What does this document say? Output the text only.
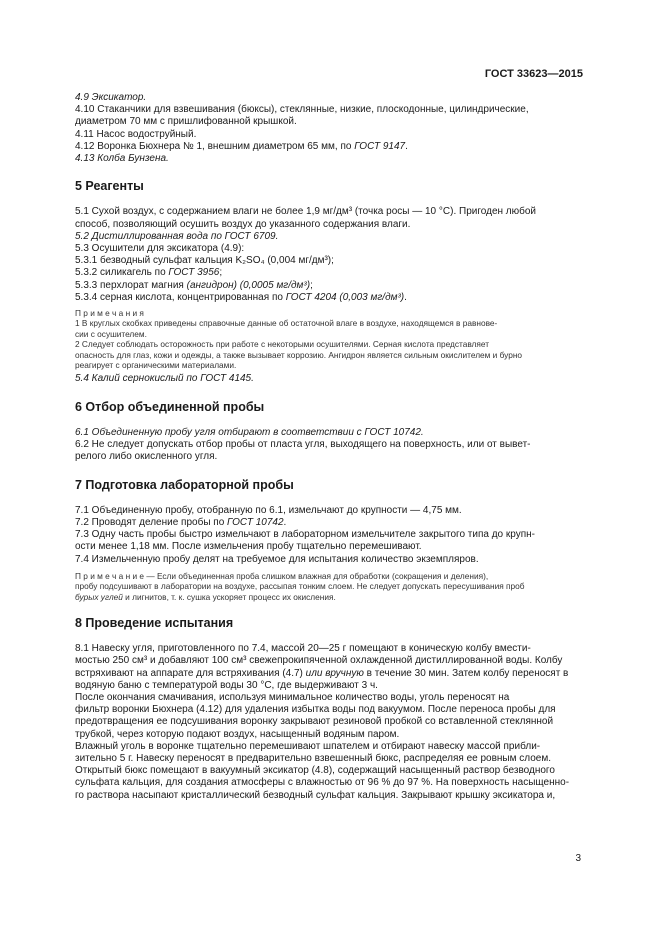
ГОСТ 33623—2015

4.9 Эксикатор.

4.10 Стаканчики для взвешивания (бюксы), стеклянные, низкие, плоскодонные, цилиндрические,

диаметром 70 мм с пришлифованной крышкой.

4.11 Насос водоструйный.

4.12 Воронка Бюхнера № 1, внешним диаметром 65 мм, по ГОСТ 9147.

4.13 Колба Бунзена.

5 Реагенты

5.1 Сухой воздух, с содержанием влаги не более 1,9 мг/дм³ (точка росы — 10 °С). Пригоден любой

способ, позволяющий осушить воздух до указанного содержания влаги.

5.2 Дистиллированная вода по ГОСТ 6709.

5.3 Осушители для эксикатора (4.9):

5.3.1 безводный сульфат кальция K₂SO₄ (0,004 мг/дм³);

5.3.2 силикагель по ГОСТ 3956;

5.3.3 перхлорат магния (ангидрон) (0,0005 мг/дм³);

5.3.4 серная кислота, концентрированная по ГОСТ 4204 (0,003 мг/дм³).

П р и м е ч а н и я

1 В круглых скобках приведены справочные данные об остаточной влаге в воздухе, находящемся в равнове-

сии с осушителем.

2 Следует соблюдать осторожность при работе с некоторыми осушителями. Серная кислота представляет

опасность для глаз, кожи и одежды, а также вызывает коррозию. Ангидрон является сильным окислителем и бурно

реагирует с органическими материалами.

5.4 Калий сернокислый по ГОСТ 4145.

6 Отбор объединенной пробы

6.1 Объединенную пробу угля отбирают в соответствии с ГОСТ 10742.

6.2 Не следует допускать отбор пробы от пласта угля, выходящего на поверхность, или от вывет-

релого либо окисленного угля.

7 Подготовка лабораторной пробы

7.1 Объединенную пробу, отобранную по 6.1, измельчают до крупности — 4,75 мм.

7.2 Проводят деление пробы по ГОСТ 10742.

7.3 Одну часть пробы быстро измельчают в лабораторном измельчителе закрытого типа до крупн-

ости менее 1,18 мм. После измельчения пробу тщательно перемешивают.

7.4 Измельченную пробу делят на требуемое для испытания количество экземпляров.

П р и м е ч а н и е — Если объединенная проба слишком влажная для обработки (сокращения и деления),

пробу подсушивают в лаборатории на воздухе, рассыпая тонким слоем. Не следует допускать пересушивания проб

бурых углей и лигнитов, т. к. сушка ускоряет процесс их окисления.

8 Проведение испытания

8.1 Навеску угля, приготовленного по 7.4, массой 20—25 г помещают в коническую колбу вмести-

мостью 250 см³ и добавляют 100 см³ свежепрокипяченной охлажденной дистиллированной воды. Колбу

встряхивают на аппарате для встряхивания (4.7) или вручную в течение 30 мин. Затем колбу переносят в

водяную баню с температурой воды 30 °С, где выдерживают 3 ч.

После окончания смачивания, используя минимальное количество воды, уголь переносят на

фильтр воронки Бюхнера (4.12) для удаления избытка воды под вакуумом. После переноса пробы для

предотвращения ее подсушивания воронку закрывают резиновой пробкой со вставленной стеклянной

трубкой, через которую подают воздух, насыщенный водяным паром.

Влажный уголь в воронке тщательно перемешивают шпателем и отбирают навеску массой прибли-

зительно 5 г. Навеску переносят в предварительно взвешенный бюкс, распределяя ее ровным слоем.

Открытый бюкс помещают в вакуумный эксикатор (4.8), содержащий насыщенный раствор безводного

сульфата кальция, для создания атмосферы с влажностью от 96 % до 97 %. На поверхность насыщенно-

го раствора насыпают кристаллический безводный сульфат кальция. Закрывают крышку эксикатора и,

3
